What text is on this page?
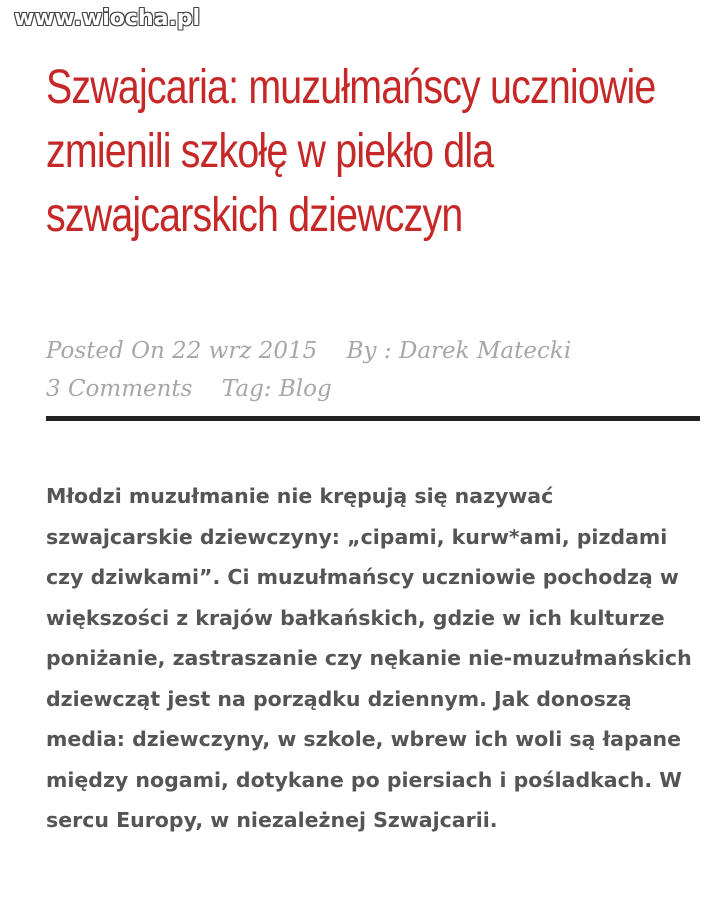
www.wiocha.pl
Szwajcaria: muzułmańscy uczniowie zmienili szkołę w piekło dla szwajcarskich dziewczyn
Posted On 22 wrz 2015 By : Darek Matecki 3 Comments Tag: Blog

Młodzi muzułmanie nie krępują się nazywać szwajcarskie dziewczyny: „cipami, kurw*ami, pizdami czy dziwkami”. Ci muzułmańscy uczniowie pochodzą w większości z krajów bałkańskich, gdzie w ich kulturze poniżanie, zastraszanie czy nękanie nie-muzułmańskich dziewcząt jest na porządku dziennym. Jak donoszą media: dziewczyny, w szkole, wbrew ich woli są łapane między nogami, dotykane po piersiach i pośladkach. W sercu Europy, w niezależnej Szwajcarii.
